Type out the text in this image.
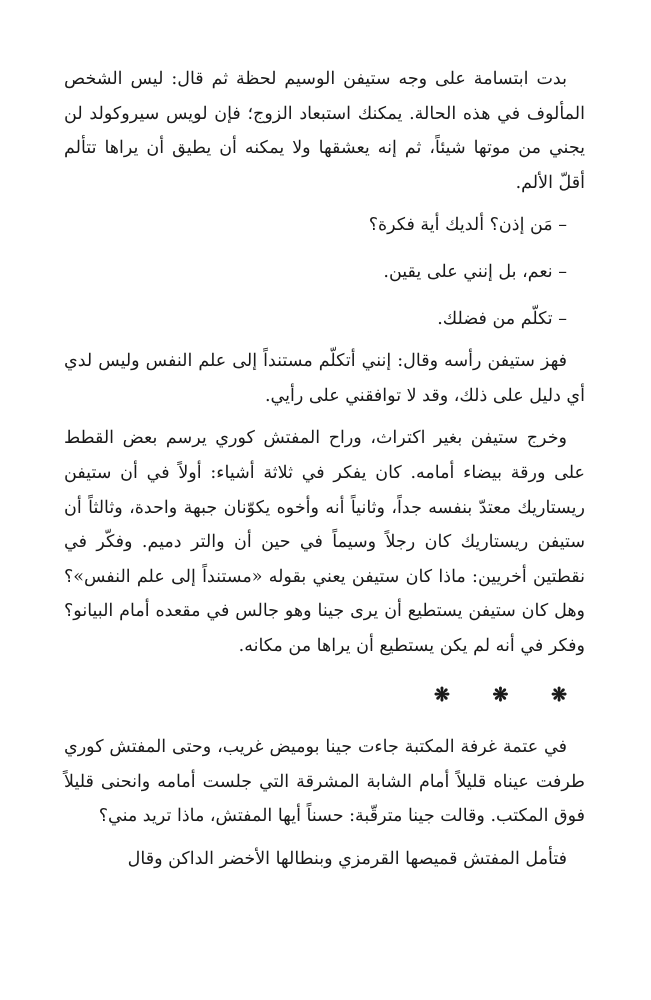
بدت ابتسامة على وجه ستيفن الوسيم لحظة ثم قال: ليس الشخص المألوف في هذه الحالة. يمكنك استبعاد الزوج؛ فإن لويس سيروكولد لن يجني من موتها شيئاً، ثم إنه يعشقها ولا يمكنه أن يطيق أن يراها تتألم أقلّ الألم.

– مَن إذن؟ ألديك أية فكرة؟

– نعم، بل إنني على يقين.

– تكلّم من فضلك.

فهز ستيفن رأسه وقال: إنني أتكلّم مستنداً إلى علم النفس وليس لدي أي دليل على ذلك، وقد لا توافقني على رأيي.

وخرج ستيفن بغير اكتراث، وراح المفتش كوري يرسم بعض القطط على ورقة بيضاء أمامه. كان يفكر في ثلاثة أشياء: أولاً في أن ستيفن ريستاريك معتدّ بنفسه جداً، وثانياً أنه وأخوه يكوّنان جبهة واحدة، وثالثاً أن ستيفن ريستاريك كان رجلاً وسيماً في حين أن والتر دميم. وفكّر في نقطتين أخريين: ماذا كان ستيفن يعني بقوله «مستنداً إلى علم النفس»؟ وهل كان ستيفن يستطيع أن يرى جينا وهو جالس في مقعده أمام البيانو؟ وفكر في أنه لم يكن يستطيع أن يراها من مكانه.

❋ ❋ ❋

في عتمة غرفة المكتبة جاءت جينا بوميض غريب، وحتى المفتش كوري طرفت عيناه قليلاً أمام الشابة المشرقة التي جلست أمامه وانحنى قليلاً فوق المكتب. وقالت جينا مترقّبة: حسناً أيها المفتش، ماذا تريد مني؟

فتأمل المفتش قميصها القرمزي وبنطالها الأخضر الداكن وقال
